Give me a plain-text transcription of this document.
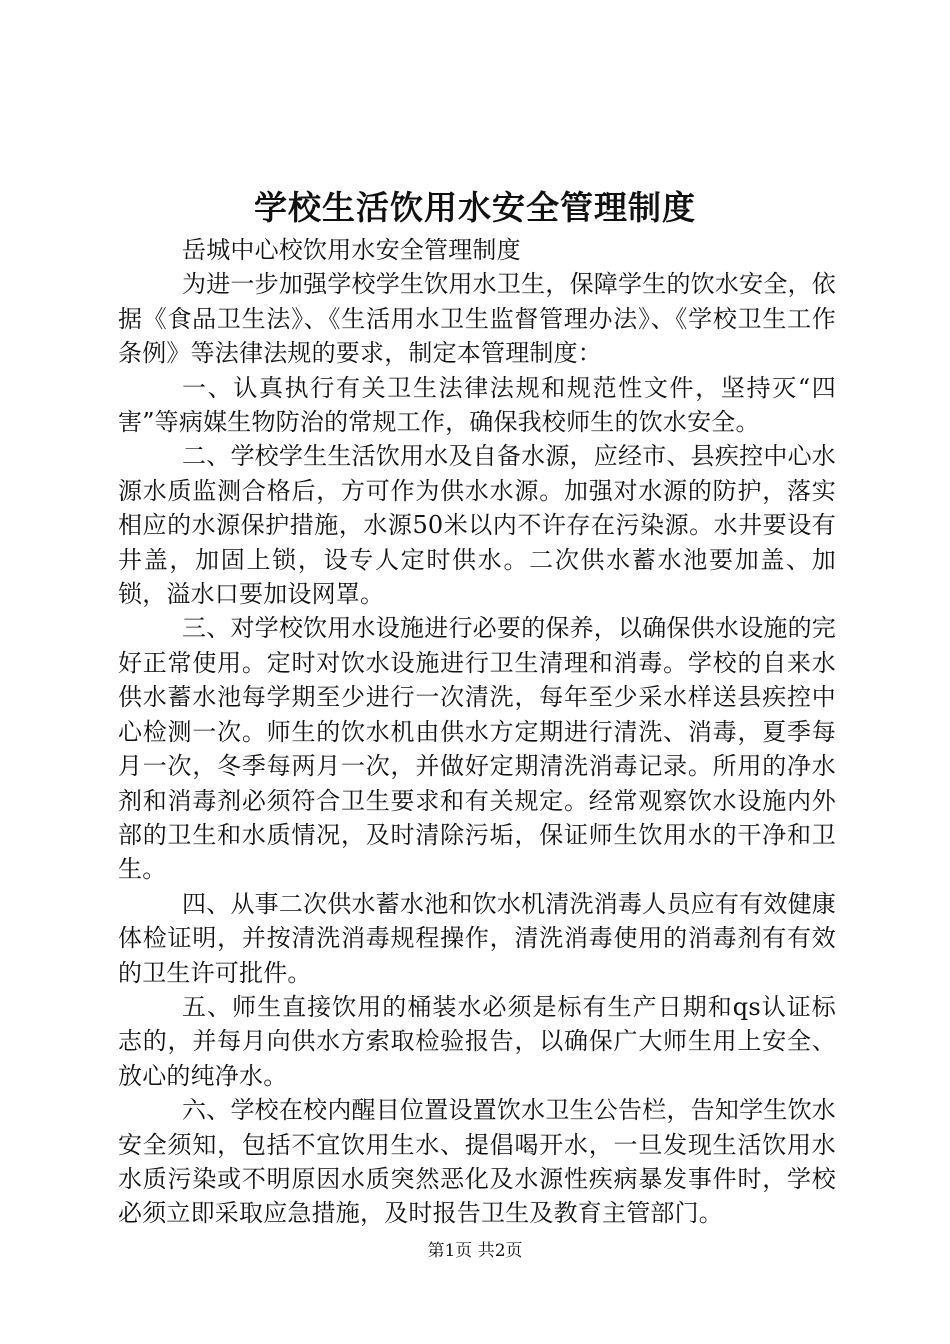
学校生活饮用水安全管理制度

岳城中心校饮用水安全管理制度

为进一步加强学校学生饮用水卫生，保障学生的饮水安全，依据《食品卫生法》、《生活用水卫生监督管理办法》、《学校卫生工作条例》等法律法规的要求，制定本管理制度：

一、认真执行有关卫生法律法规和规范性文件，坚持灭“四害”等病媒生物防治的常规工作，确保我校师生的饮水安全。

二、学校学生生活饮用水及自备水源，应经市、县疾控中心水源水质监测合格后，方可作为供水水源。加强对水源的防护，落实相应的水源保护措施，水源50米以内不许存在污染源。水井要设有井盖，加固上锁，设专人定时供水。二次供水蓄水池要加盖、加锁，溢水口要加设网罩。

三、对学校饮用水设施进行必要的保养，以确保供水设施的完好正常使用。定时对饮水设施进行卫生清理和消毒。学校的自来水供水蓄水池每学期至少进行一次清洗，每年至少采水样送县疾控中心检测一次。师生的饮水机由供水方定期进行清洗、消毒，夏季每月一次，冬季每两月一次，并做好定期清洗消毒记录。所用的净水剂和消毒剂必须符合卫生要求和有关规定。经常观察饮水设施内外部的卫生和水质情况，及时清除污垢，保证师生饮用水的干净和卫生。

四、从事二次供水蓄水池和饮水机清洗消毒人员应有有效健康体检证明，并按清洗消毒规程操作，清洗消毒使用的消毒剂有有效的卫生许可批件。

五、师生直接饮用的桶装水必须是标有生产日期和qs认证标志的，并每月向供水方索取检验报告，以确保广大师生用上安全、放心的纯净水。

六、学校在校内醒目位置设置饮水卫生公告栏，告知学生饮水安全须知，包括不宜饮用生水、提倡喝开水，一旦发现生活饮用水水质污染或不明原因水质突然恶化及水源性疾病暴发事件时，学校必须立即采取应急措施，及时报告卫生及教育主管部门。

第1页 共2页
